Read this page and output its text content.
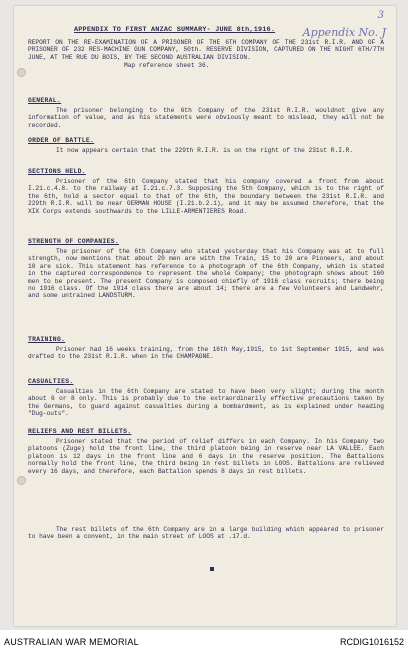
3
Appendix No. J
APPENDIX TO FIRST ANZAC SUMMARY- JUNE 8th,1916.

REPORT ON THE RE-EXAMINATION OF A PRISONER OF THE 6TH COMPANY OF THE 231st R.I.R. AND OF A PRISONER OF 232 RES-MACHINE GUN COMPANY, 50th. RESERVE DIVISION, CAPTURED ON THE NIGHT 6TH/7TH JUNE, AT THE RUE DU BOIS, BY THE SECOND AUSTRALIAN DIVISION.

Map reference sheet 36.

GENERAL.

The prisoner belonging to the 6th Company of the 231st R.I.R. wouldnot give any information of value, and as his statements were obviously meant to mislead, they will not be recorded.

ORDER OF BATTLE.

It now appears certain that the 229th R.I.R. is on the right of the 231st R.I.R.

SECTIONS HELD.

Prisoner of the 6th Company stated that his company covered a front from about I.21.c.4.8. to the railway at I.21.c.7.3. Supposing the 5th Company, which is to the right of the 6th, hold a sector equal to that of the 6th, the boundary between the 231st R.I.R. and 229th R.I.R. will be near GERMAN HOUSE (I.21.b.2.1), and it may be assumed therefore, that the XIX Corps extends southwards to the LILLE-ARMENTIERES Road.

STRENGTH OF COMPANIES.

The prisoner of the 6th Company who stated yesterday that his Company was at to full strength, now mentions that about 20 men are with the Train, 15 to 20 are Pioneers, and about 10 are sick. This statement has reference to a photograph of the 6th Company, which is stated in the captured correspondence to represent the whole Company; the photograph shows about 160 men to be present. The present Company is composed chiefly of 1916 class recruits; there being no 1916 class. Of the 1914 class there are about 14; there are a few Volunteers and Landwehr, and some untrained LANDSTURM.

TRAINING.

Prisoner had 16 weeks training, from the 16th May,1915, to 1st September 1915, and was drafted to the 231st R.I.R. when in the CHAMPAGNE.

CASUALTIES.

Casualties in the 6th Company are stated to have been very slight; during the month about 6 or 8 only. This is probably due to the extraordinarily effective precautions taken by the Germans, to guard against casualties during a bombardment, as is explained under heading "Dug-outs".

RELIEFS AND REST BILLETS.

Prisoner stated that the period of relief differs in each Company. In his Company two platoons (Zuge) hold the front line, the third platoon being in reserve near LA VALLEE. Each platoon is 12 days in the front line and 6 days in the reserve position. The Battalions normally hold the front line, the third being in rest billets in LOOS. Battalions are relieved every 16 days, and therefore, each Battalion spends 8 days in rest billets.

The rest billets of the 6th Company are in a large building which appeared to prisoner to have been a convent, in the main street of LOOS at .17.d.

AUSTRALIAN WAR MEMORIAL	RCDIG1016152
